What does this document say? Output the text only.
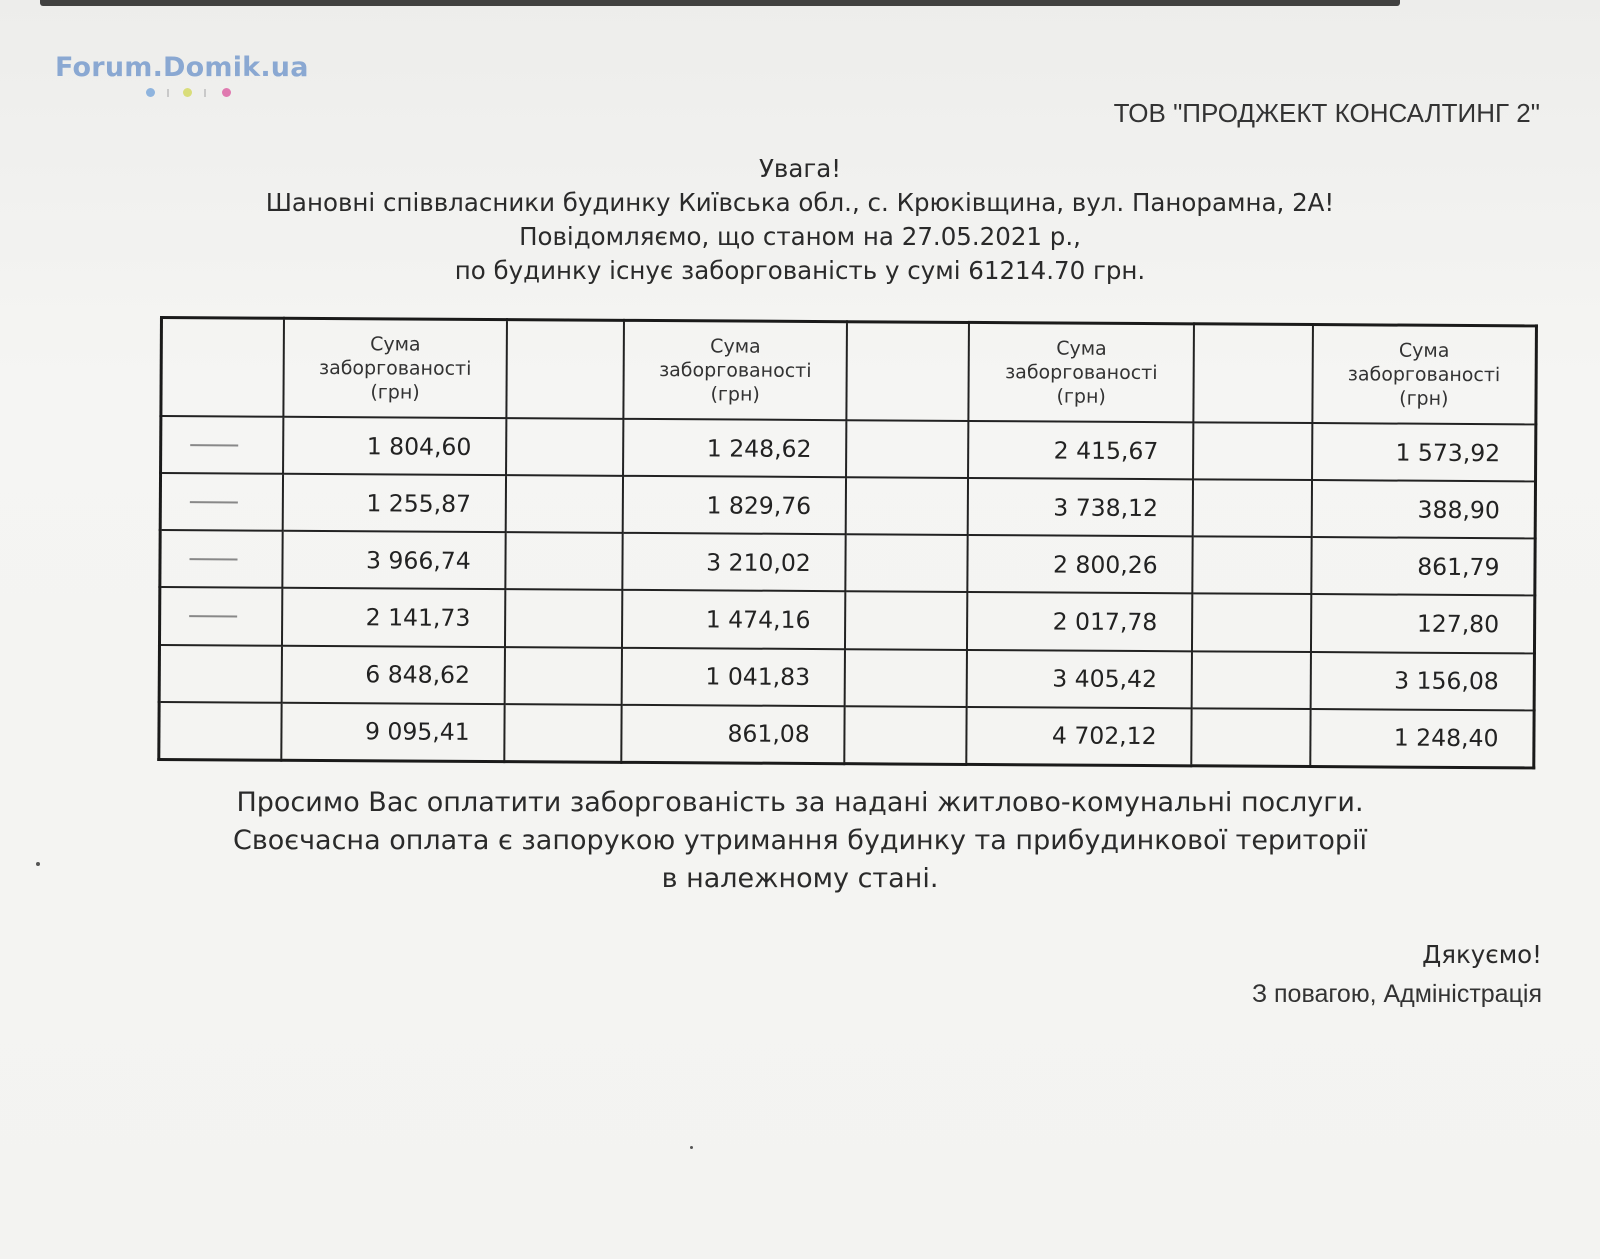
Forum.Domik.ua
ТОВ "ПРОДЖЕКТ КОНСАЛТИНГ 2"
Увага!
Шановні співвласники будинку Київська обл., с. Крюківщина, вул. Панорамна, 2А!
Повідомляємо, що станом на 27.05.2021 р.,
по будинку існує заборгованість у сумі 61214.70 грн.

	Сума
заборгованості
(грн)		Сума
заборгованості
(грн)		Сума
заборгованості
(грн)		Сума
заборгованості
(грн)

	1 804,60		1 248,62		2 415,67		1 573,92

	1 255,87		1 829,76		3 738,12		388,90

	3 966,74		3 210,02		2 800,26		861,79

	2 141,73		1 474,16		2 017,78		127,80
	6 848,62		1 041,83		3 405,42		3 156,08
	9 095,41		861,08		4 702,12		1 248,40
Просимо Вас оплатити заборгованість за надані житлово-комунальні послуги.
Своєчасна оплата є запорукою утримання будинку та прибудинкової території
в належному стані.
Дякуємо!
З повагою, Адміністрація
